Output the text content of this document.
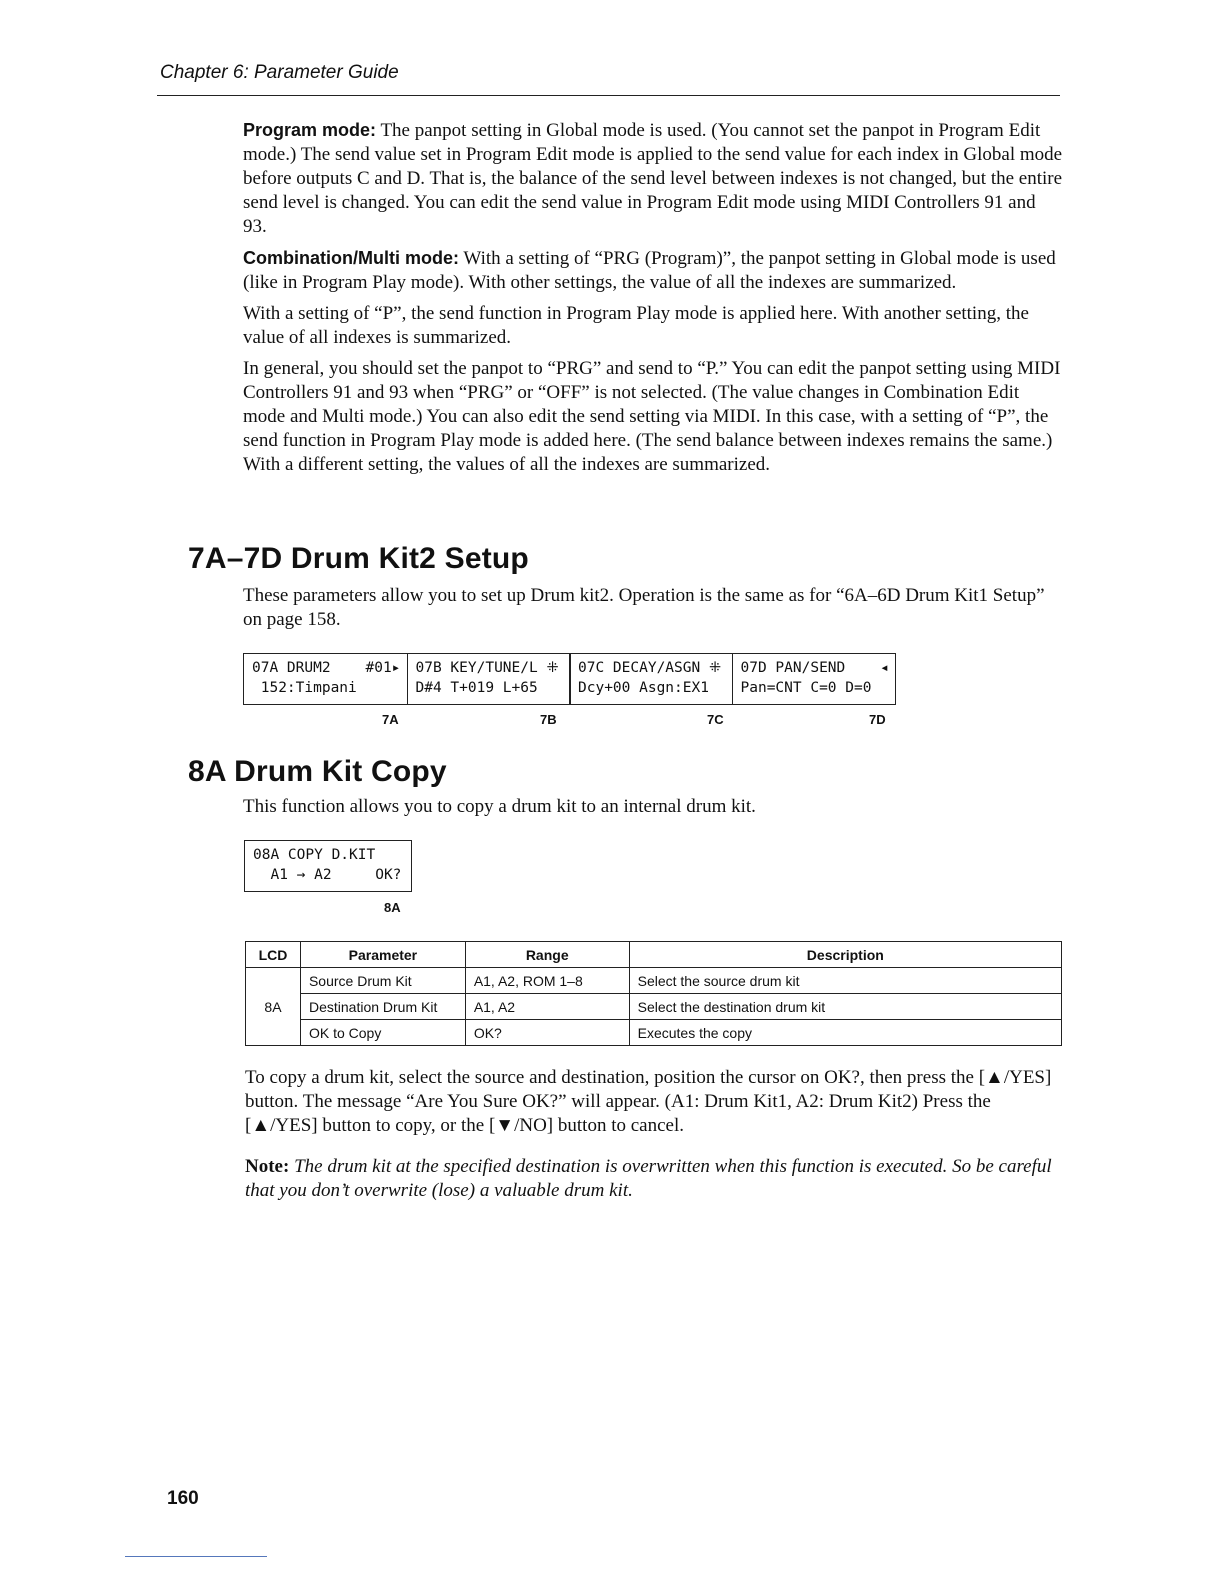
Chapter 6: Parameter Guide

Program mode: The panpot setting in Global mode is used. (You cannot set the panpot in Program Edit mode.) The send value set in Program Edit mode is applied to the send value for each index in Global mode before outputs C and D. That is, the balance of the send level between indexes is not changed, but the entire send level is changed. You can edit the send value in Program Edit mode using MIDI Controllers 91 and 93.

Combination/Multi mode: With a setting of “PRG (Program)”, the panpot setting in Global mode is used (like in Program Play mode). With other settings, the value of all the indexes are summarized.

With a setting of “P”, the send function in Program Play mode is applied here. With another setting, the value of all indexes is summarized.

In general, you should set the panpot to “PRG” and send to “P.” You can edit the panpot setting using MIDI Controllers 91 and 93 when “PRG” or “OFF” is not selected. (The value changes in Combination Edit mode and Multi mode.) You can also edit the send setting via MIDI. In this case, with a setting of “P”, the send function in Program Play mode is added here. (The send balance between indexes remains the same.) With a different setting, the values of all the indexes are summarized.

7A–7D Drum Kit2 Setup

These parameters allow you to set up Drum kit2. Operation is the same as for “6A–6D Drum Kit1 Setup” on page 158.

07A DRUM2    #01▸
152:Timpani
07B KEY/TUNE/L ⁜
D#4 T+019 L+65
07C DECAY/ASGN ⁜
Dcy+00 Asgn:EX1
07D PAN/SEND    ◂
Pan=CNT C=0 D=0
7A	7B	7C	7D
8A Drum Kit Copy

This function allows you to copy a drum kit to an internal drum kit.

08A COPY D.KIT
A1 → A2     OK?
8A
LCD	Parameter	Range	Description
8A	Source Drum Kit	A1, A2, ROM 1–8	Select the source drum kit
	Destination Drum Kit	A1, A2	Select the destination drum kit
	OK to Copy	OK?	Executes the copy

To copy a drum kit, select the source and destination, position the cursor on OK?, then press the [▲/YES] button. The message “Are You Sure OK?” will appear. (A1: Drum Kit1, A2: Drum Kit2) Press the [▲/YES] button to copy, or the [▼/NO] button to cancel.

Note: The drum kit at the specified destination is overwritten when this function is executed. So be careful that you don’t overwrite (lose) a valuable drum kit.
160
